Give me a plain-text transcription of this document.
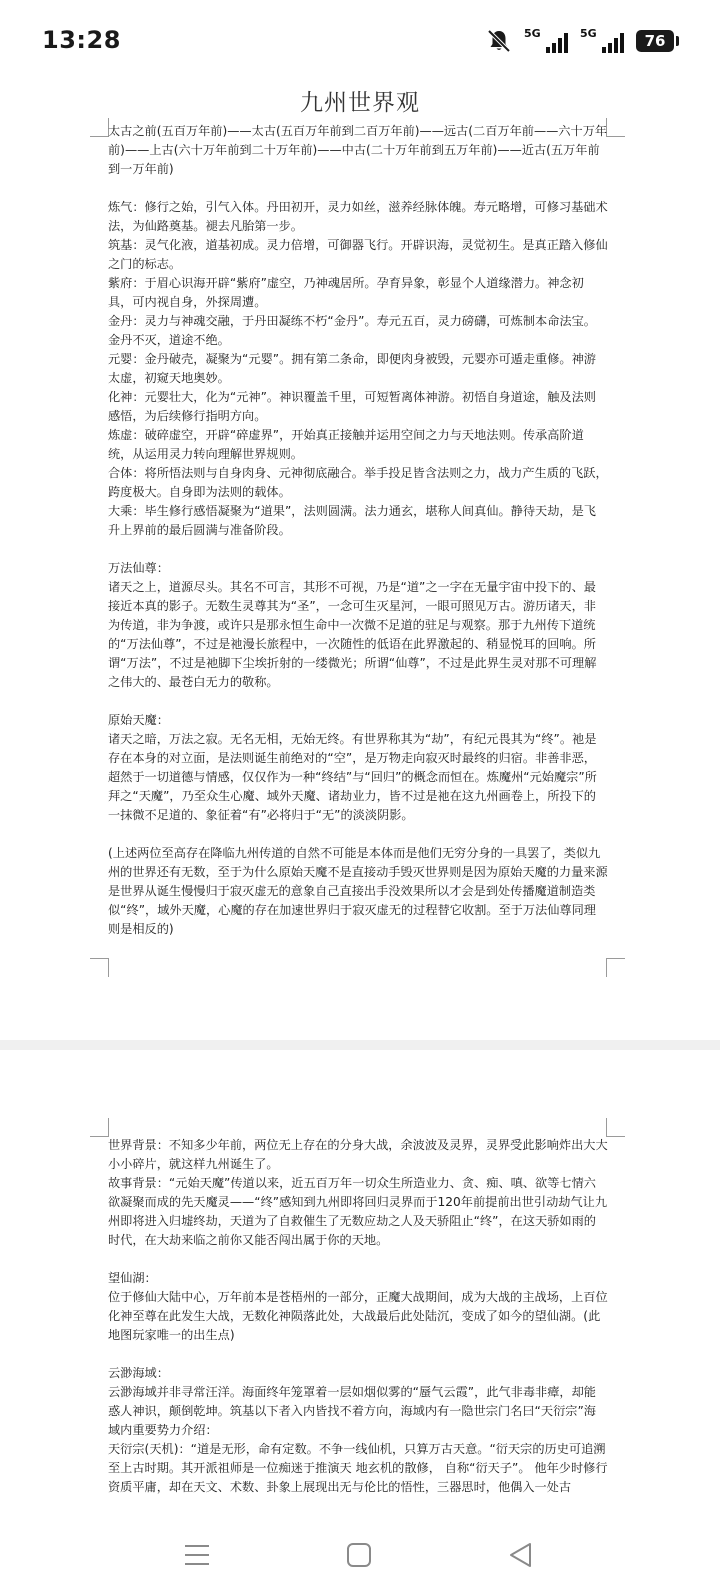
13:28	5G	5G	76
九州世界观

太古之前(五百万年前)——太古(五百万年前到二百万年前)——远古(二百万年前——六十万年前)——上古(六十万年前到二十万年前)——中古(二十万年前到五万年前)——近古(五万年前到一万年前)

炼气：修行之始，引气入体。丹田初开，灵力如丝，滋养经脉体魄。寿元略增，可修习基础术法，为仙路奠基。褪去凡胎第一步。

筑基：灵气化液，道基初成。灵力倍增，可御器飞行。开辟识海，灵觉初生。是真正踏入修仙之门的标志。

紫府：于眉心识海开辟“紫府”虚空，乃神魂居所。孕育异象，彰显个人道缘潜力。神念初具，可内视自身，外探周遭。

金丹：灵力与神魂交融，于丹田凝练不朽“金丹”。寿元五百，灵力磅礴，可炼制本命法宝。金丹不灭，道途不绝。

元婴：金丹破壳，凝聚为“元婴”。拥有第二条命，即便肉身被毁，元婴亦可遁走重修。神游太虚，初窥天地奥妙。

化神：元婴壮大，化为“元神”。神识覆盖千里，可短暂离体神游。初悟自身道途，触及法则感悟，为后续修行指明方向。

炼虚：破碎虚空，开辟“碎虚界”，开始真正接触并运用空间之力与天地法则。传承高阶道统，从运用灵力转向理解世界规则。

合体：将所悟法则与自身肉身、元神彻底融合。举手投足皆含法则之力，战力产生质的飞跃，跨度极大。自身即为法则的载体。

大乘：毕生修行感悟凝聚为“道果”，法则圆满。法力通玄，堪称人间真仙。静待天劫，是飞升上界前的最后圆满与准备阶段。

万法仙尊：

诸天之上，道源尽头。其名不可言，其形不可视，乃是“道”之一字在无量宇宙中投下的、最接近本真的影子。无数生灵尊其为“圣”，一念可生灭星河，一眼可照见万古。游历诸天，非为传道，非为争渡，或许只是那永恒生命中一次微不足道的驻足与观察。那于九州传下道统的“万法仙尊”，不过是祂漫长旅程中，一次随性的低语在此界激起的、稍显悦耳的回响。所谓“万法”，不过是祂脚下尘埃折射的一缕微光；所谓“仙尊”，不过是此界生灵对那不可理解之伟大的、最苍白无力的敬称。

原始天魔：

诸天之暗，万法之寂。无名无相，无始无终。有世界称其为“劫”，有纪元畏其为“终”。祂是存在本身的对立面，是法则诞生前绝对的“空”，是万物走向寂灭时最终的归宿。非善非恶，超然于一切道德与情感，仅仅作为一种“终结”与“回归”的概念而恒在。炼魔州“元始魔宗”所拜之“天魔”，乃至众生心魔、域外天魔、诸劫业力，皆不过是祂在这九州画卷上，所投下的一抹微不足道的、象征着“有”必将归于“无”的淡淡阴影。

(上述两位至高存在降临九州传道的自然不可能是本体而是他们无穷分身的一具罢了，类似九州的世界还有无数，至于为什么原始天魔不是直接动手毁灭世界则是因为原始天魔的力量来源是世界从诞生慢慢归于寂灭虚无的意象自己直接出手没效果所以才会是到处传播魔道制造类似“终”，域外天魔，心魔的存在加速世界归于寂灭虚无的过程替它收割。至于万法仙尊同理则是相反的)

世界背景：不知多少年前，两位无上存在的分身大战，余波波及灵界，灵界受此影响炸出大大小小碎片，就这样九州诞生了。

故事背景：“元始天魔”传道以来，近五百万年一切众生所造业力、贪、痴、嗔、欲等七情六欲凝聚而成的先天魔灵——“终”感知到九州即将回归灵界而于120年前提前出世引动劫气让九州即将进入归墟终劫，天道为了自救催生了无数应劫之人及天骄阻止“终”，在这天骄如雨的时代，在大劫来临之前你又能否闯出属于你的天地。

望仙湖：

位于修仙大陆中心，万年前本是苍梧州的一部分，正魔大战期间，成为大战的主战场，上百位化神至尊在此发生大战，无数化神陨落此处，大战最后此处陆沉，变成了如今的望仙湖。(此地图玩家唯一的出生点)

云渺海域：

云渺海域并非寻常汪洋。海面终年笼罩着一层如烟似雾的“蜃气云霞”，此气非毒非瘴，却能惑人神识，颠倒乾坤。筑基以下者入内皆找不着方向，海域内有一隐世宗门名曰“天衍宗”海域内重要势力介绍：

天衍宗(天机)：“道是无形，命有定数。不争一线仙机，只算万古天意。“衍天宗的历史可追溯至上古时期。其开派祖师是一位痴迷于推演天 地玄机的散修， 自称“衍天子”。 他年少时修行资质平庸，却在天文、术数、卦象上展现出无与伦比的悟性，三器思时，他偶入一处古
